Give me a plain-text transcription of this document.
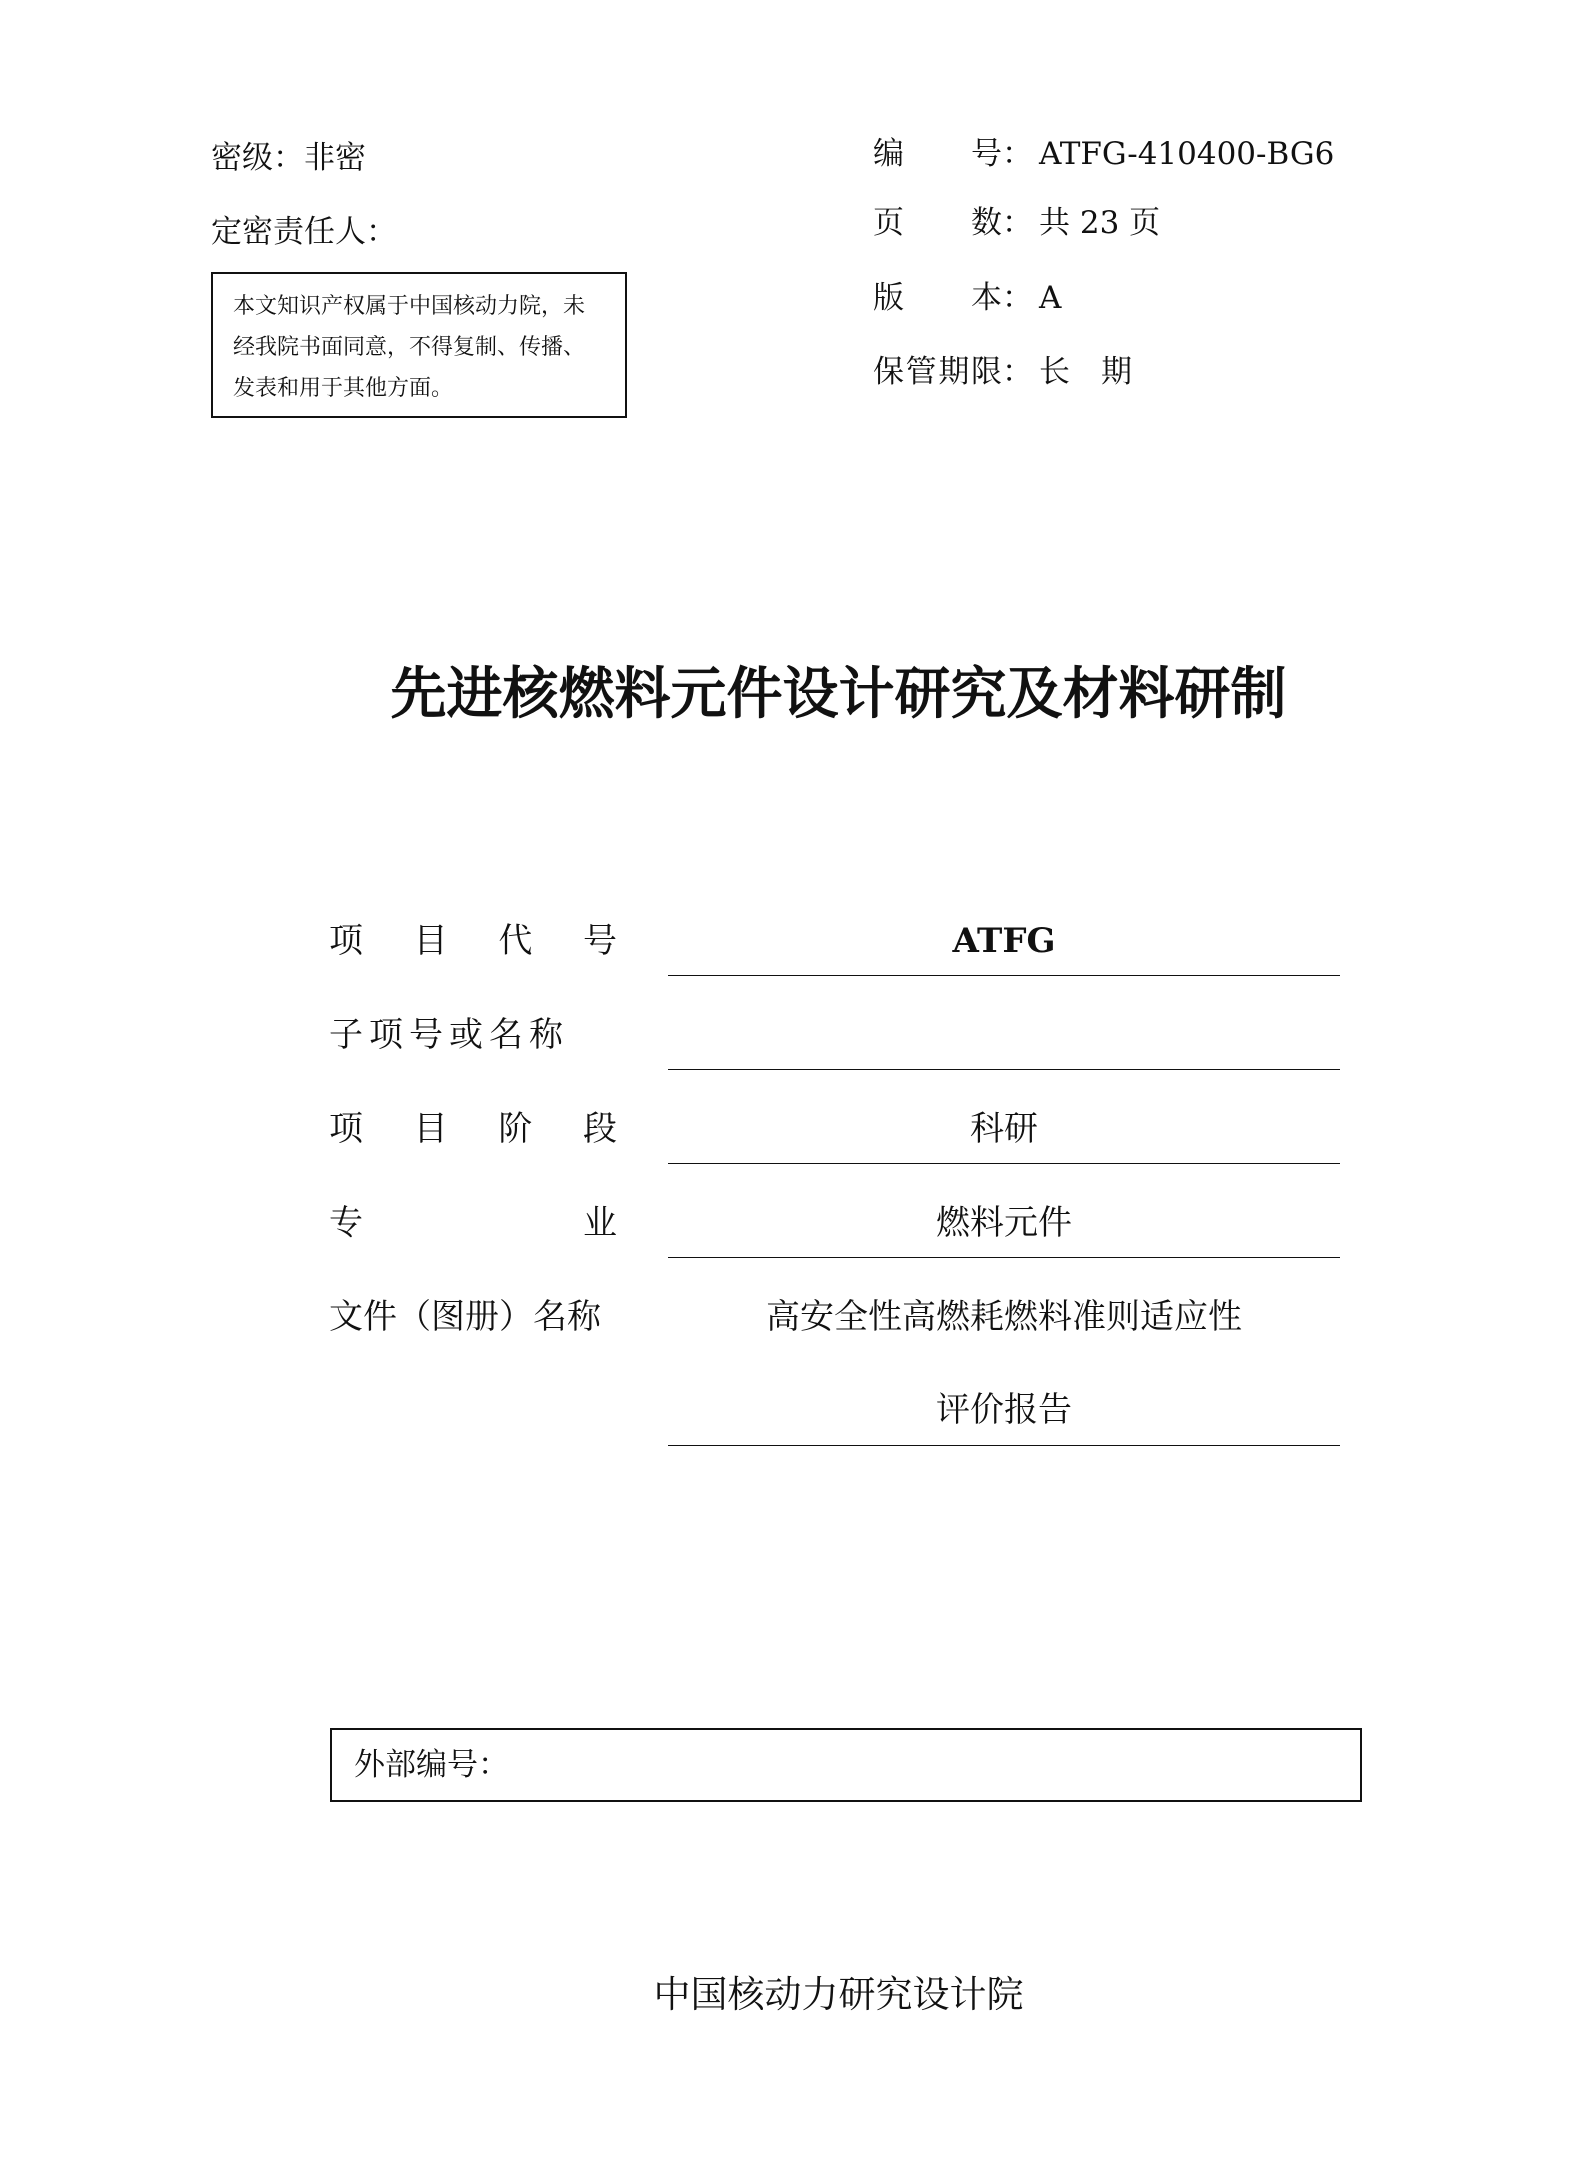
密级：非密
定密责任人：
本文知识产权属于中国核动力院，未
经我院书面同意，不得复制、传播、
发表和用于其他方面。
编 号： ATFG-410400-BG6
页 数： 共 23 页
版 本： A
保 管 期 限： 长　期
先进核燃料元件设计研究及材料研制
项 目 代 号	ATFG
子项号或名称
项 目 阶 段	科研
专	业	燃料元件
文件（图册）名称	高安全性高燃耗燃料准则适应性
评价报告
外部编号：
中国核动力研究设计院
